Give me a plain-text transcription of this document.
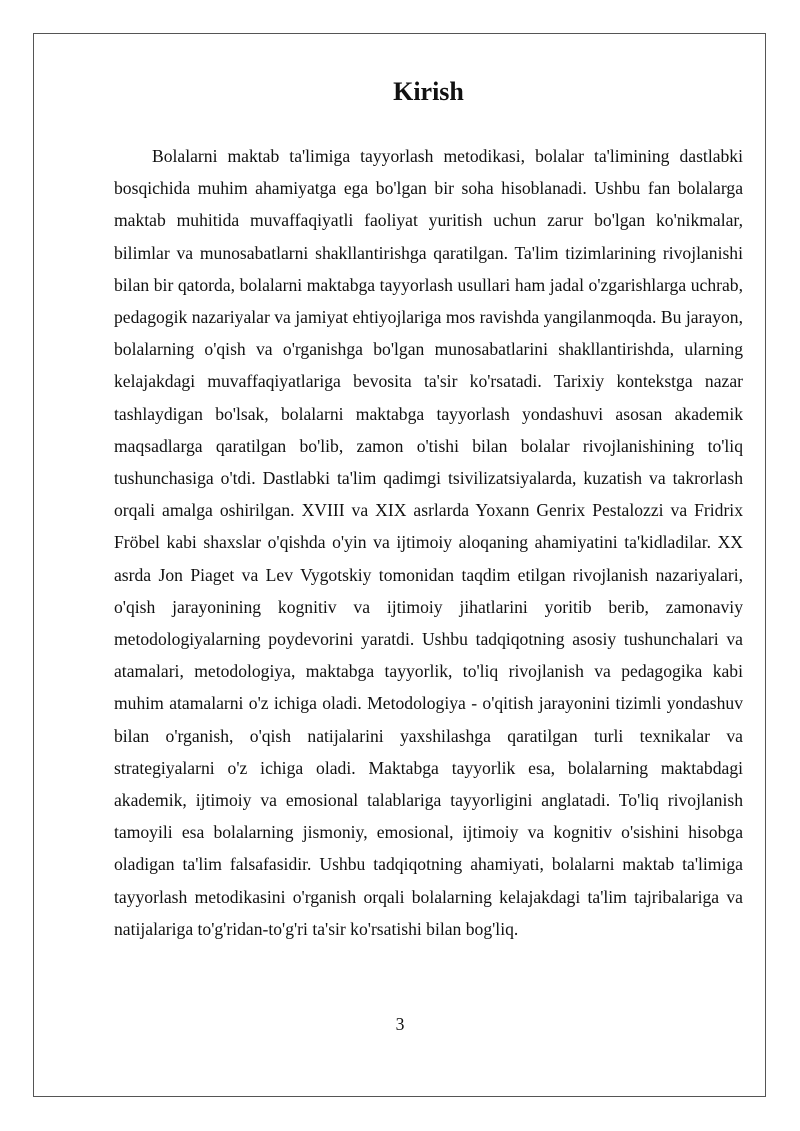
Kirish

Bolalarni maktab ta'limiga tayyorlash metodikasi, bolalar ta'limining dastlabki bosqichida muhim ahamiyatga ega bo'lgan bir soha hisoblanadi. Ushbu fan bolalarga maktab muhitida muvaffaqiyatli faoliyat yuritish uchun zarur bo'lgan ko'nikmalar, bilimlar va munosabatlarni shakllantirishga qaratilgan. Ta'lim tizimlarining rivojlanishi bilan bir qatorda, bolalarni maktabga tayyorlash usullari ham jadal o'zgarishlarga uchrab, pedagogik nazariyalar va jamiyat ehtiyojlariga mos ravishda yangilanmoqda. Bu jarayon, bolalarning o'qish va o'rganishga bo'lgan munosabatlarini shakllantirishda, ularning kelajakdagi muvaffaqiyatlariga bevosita ta'sir ko'rsatadi. Tarixiy kontekstga nazar tashlaydigan bo'lsak, bolalarni maktabga tayyorlash yondashuvi asosan akademik maqsadlarga qaratilgan bo'lib, zamon o'tishi bilan bolalar rivojlanishining to'liq tushunchasiga o'tdi. Dastlabki ta'lim qadimgi tsivilizatsiyalarda, kuzatish va takrorlash orqali amalga oshirilgan. XVIII va XIX asrlarda Yoxann Genrix Pestalozzi va Fridrix Fröbel kabi shaxslar o'qishda o'yin va ijtimoiy aloqaning ahamiyatini ta'kidladilar. XX asrda Jon Piaget va Lev Vygotskiy tomonidan taqdim etilgan rivojlanish nazariyalari, o'qish jarayonining kognitiv va ijtimoiy jihatlarini yoritib berib, zamonaviy metodologiyalarning poydevorini yaratdi. Ushbu tadqiqotning asosiy tushunchalari va atamalari, metodologiya, maktabga tayyorlik, to'liq rivojlanish va pedagogika kabi muhim atamalarni o'z ichiga oladi. Metodologiya - o'qitish jarayonini tizimli yondashuv bilan o'rganish, o'qish natijalarini yaxshilashga qaratilgan turli texnikalar va strategiyalarni o'z ichiga oladi. Maktabga tayyorlik esa, bolalarning maktabdagi akademik, ijtimoiy va emosional talablariga tayyorligini anglatadi. To'liq rivojlanish tamoyili esa bolalarning jismoniy, emosional, ijtimoiy va kognitiv o'sishini hisobga oladigan ta'lim falsafasidir. Ushbu tadqiqotning ahamiyati, bolalarni maktab ta'limiga tayyorlash metodikasini o'rganish orqali bolalarning kelajakdagi ta'lim tajribalariga va natijalariga to'g'ridan-to'g'ri ta'sir ko'rsatishi bilan bog'liq.

3
